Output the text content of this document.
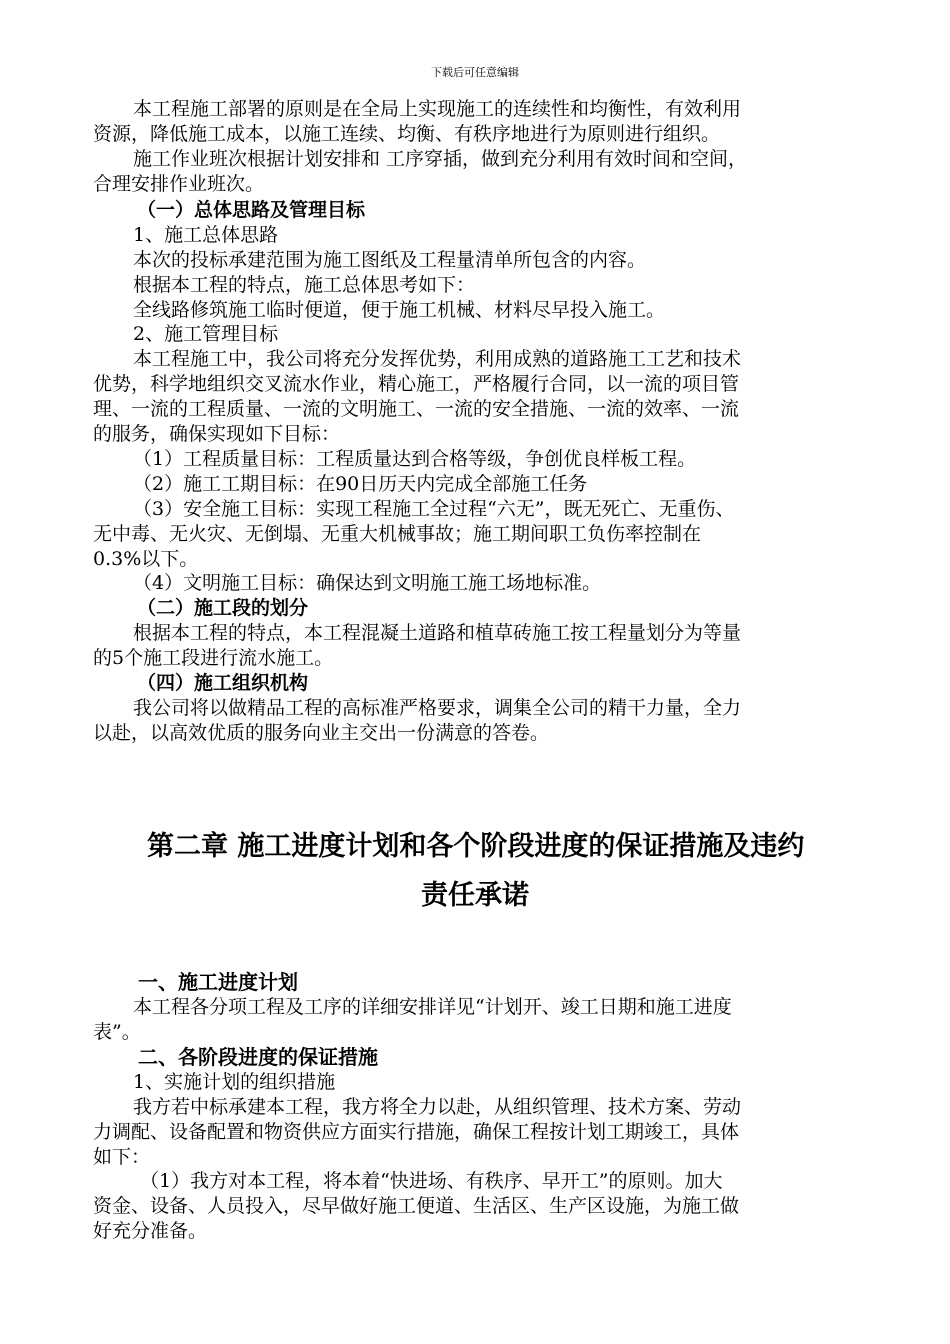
下载后可任意编辑
本工程施工部署的原则是在全局上实现施工的连续性和均衡性，有效利用
资源，降低施工成本，以施工连续、均衡、有秩序地进行为原则进行组织。
施工作业班次根据计划安排和 工序穿插，做到充分利用有效时间和空间，
合理安排作业班次。
（一）总体思路及管理目标
1、施工总体思路
本次的投标承建范围为施工图纸及工程量清单所包含的内容。
根据本工程的特点，施工总体思考如下：
全线路修筑施工临时便道，便于施工机械、材料尽早投入施工。
2、施工管理目标
本工程施工中，我公司将充分发挥优势，利用成熟的道路施工工艺和技术
优势，科学地组织交叉流水作业，精心施工，严格履行合同，以一流的项目管
理、一流的工程质量、一流的文明施工、一流的安全措施、一流的效率、一流
的服务，确保实现如下目标：
（1）工程质量目标：工程质量达到合格等级，争创优良样板工程。
（2）施工工期目标：在90日历天内完成全部施工任务
（3）安全施工目标：实现工程施工全过程“六无”，既无死亡、无重伤、
无中毒、无火灾、无倒塌、无重大机械事故；施工期间职工负伤率控制在
0.3%以下。
（4）文明施工目标：确保达到文明施工施工场地标准。
（二）施工段的划分
根据本工程的特点，本工程混凝土道路和植草砖施工按工程量划分为等量
的5个施工段进行流水施工。
（四）施工组织机构
我公司将以做精品工程的高标准严格要求，调集全公司的精干力量，全力
以赴，以高效优质的服务向业主交出一份满意的答卷。
第二章 施工进度计划和各个阶段进度的保证措施及违约
责任承诺
一、施工进度计划
本工程各分项工程及工序的详细安排详见“计划开、竣工日期和施工进度
表”。
二、各阶段进度的保证措施
1、实施计划的组织措施
我方若中标承建本工程，我方将全力以赴，从组织管理、技术方案、劳动
力调配、设备配置和物资供应方面实行措施，确保工程按计划工期竣工，具体
如下：
（1）我方对本工程，将本着“快进场、有秩序、早开工”的原则。加大
资金、设备、人员投入，尽早做好施工便道、生活区、生产区设施，为施工做
好充分准备。
